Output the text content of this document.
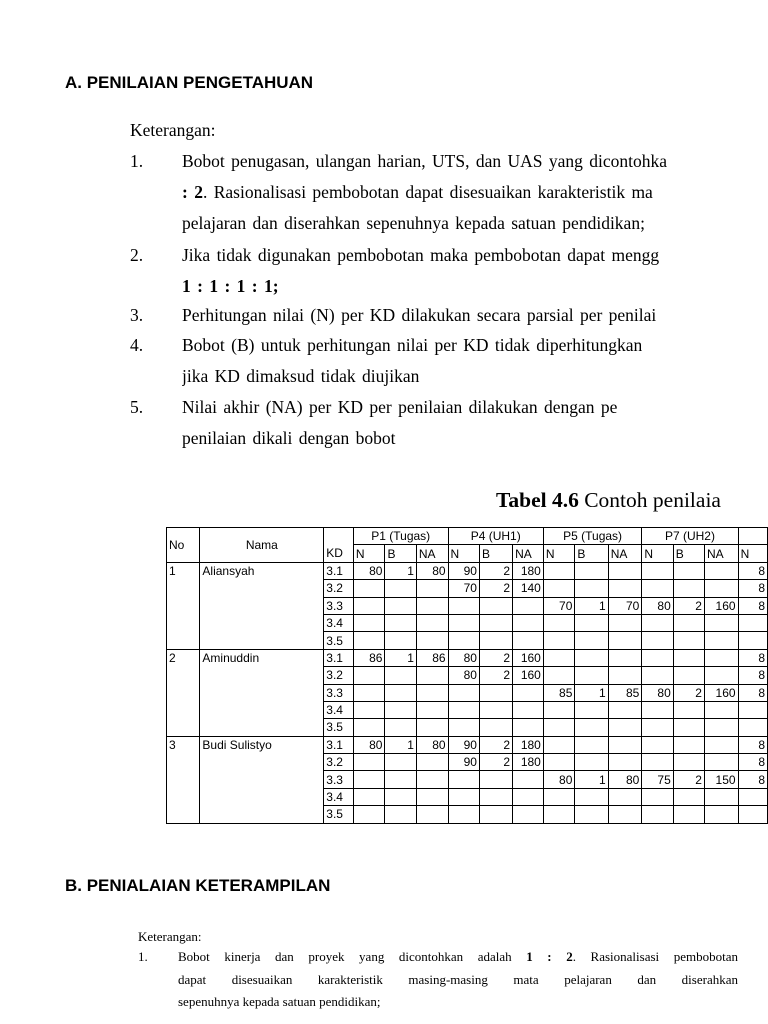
A. PENILAIAN PENGETAHUAN
Keterangan:
1. Bobot penugasan, ulangan harian, UTS, dan UAS yang dicontohka
: 2. Rasionalisasi pembobotan dapat disesuaikan karakteristik ma
pelajaran dan diserahkan sepenuhnya kepada satuan pendidikan;
2. Jika tidak digunakan pembobotan maka pembobotan dapat mengg
1 : 1 : 1 : 1;
3. Perhitungan nilai (N) per KD dilakukan secara parsial per penilai
4. Bobot (B) untuk perhitungan nilai per KD tidak diperhitungkan
jika KD dimaksud tidak diujikan
5. Nilai akhir (NA) per KD per penilaian dilakukan dengan pe
penilaian dikali dengan bobot
Tabel 4.6 Contoh penilaia
No	Nama		P1 (Tugas)			P4 (UH1)			P5 (Tugas)			P7 (UH2)			
		KD	N	B	NA	N	B	NA	N	B	NA	N	B	NA	N
1	Aliansyah	3.1	80	1	80	90	2	180							8
		3.2				70	2	140							8
		3.3							70	1	70	80	2	160	8
		3.4													
		3.5													
2	Aminuddin	3.1	86	1	86	80	2	160							8
		3.2				80	2	160							8
		3.3							85	1	85	80	2	160	8
		3.4													
		3.5													
3	Budi Sulistyo	3.1	80	1	80	90	2	180							8
		3.2				90	2	180							8
		3.3							80	1	80	75	2	150	8
		3.4													
		3.5													
B. PENIALAIAN KETERAMPILAN
Keterangan:
1. Bobot kinerja dan proyek yang dicontohkan adalah 1 : 2. Rasionalisasi pembobotan
dapat disesuaikan karakteristik masing-masing mata pelajaran dan diserahkan
sepenuhnya kepada satuan pendidikan;
